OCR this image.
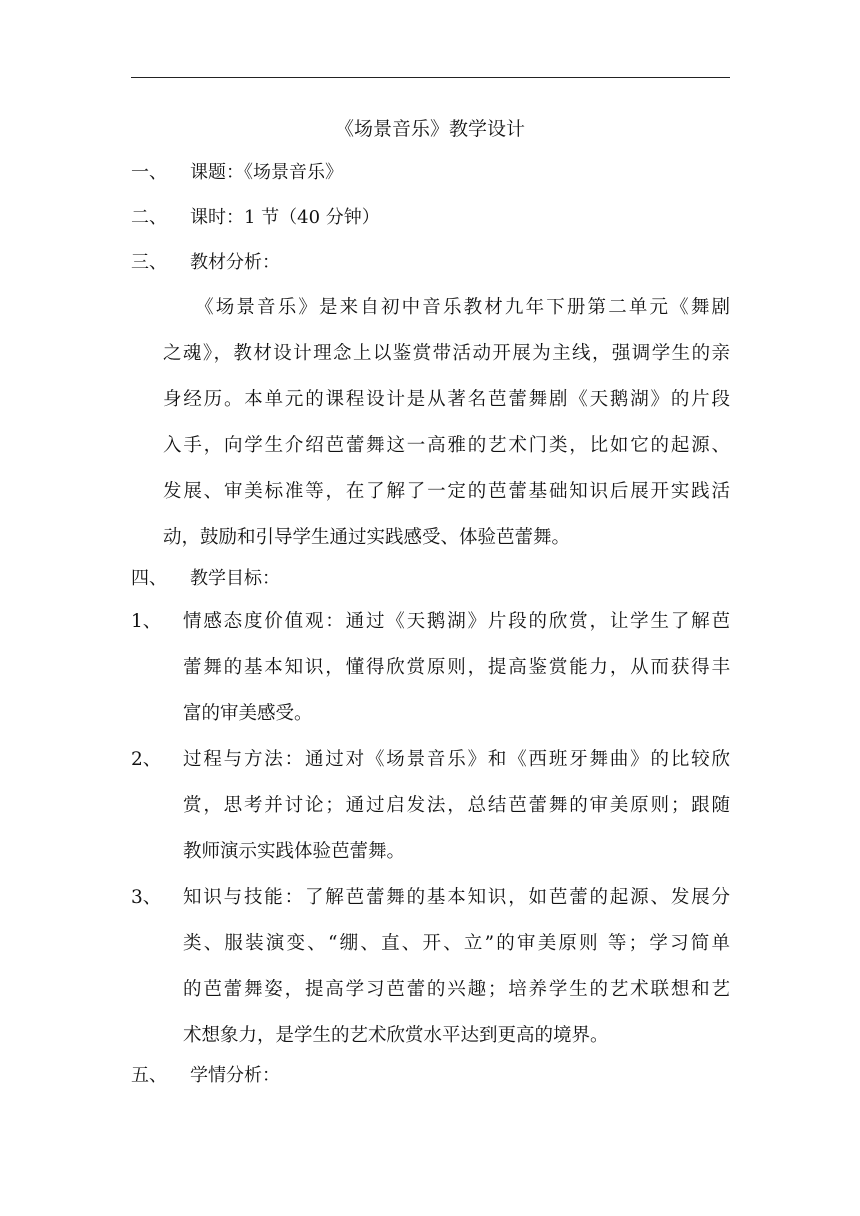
《场景音乐》教学设计
一、 课题：《场景音乐》
二、 课时：1 节（40 分钟）
三、 教材分析：
　　《场景音乐》是来自初中音乐教材九年下册第二单元《舞剧
之魂》，教材设计理念上以鉴赏带活动开展为主线，强调学生的亲
身经历。本单元的课程设计是从著名芭蕾舞剧《天鹅湖》的片段
入手，向学生介绍芭蕾舞这一高雅的艺术门类，比如它的起源、
发展、审美标准等，在了解了一定的芭蕾基础知识后展开实践活
动，鼓励和引导学生通过实践感受、体验芭蕾舞。
四、 教学目标：
1、 情感态度价值观：通过《天鹅湖》片段的欣赏，让学生了解芭
蕾舞的基本知识，懂得欣赏原则，提高鉴赏能力，从而获得丰
富的审美感受。
2、 过程与方法：通过对《场景音乐》和《西班牙舞曲》的比较欣
赏，思考并讨论；通过启发法，总结芭蕾舞的审美原则；跟随
教师演示实践体验芭蕾舞。
3、 知识与技能：了解芭蕾舞的基本知识，如芭蕾的起源、发展分
类、服装演变、“绷、直、开、立”的审美原则 等；学习简单
的芭蕾舞姿，提高学习芭蕾的兴趣；培养学生的艺术联想和艺
术想象力，是学生的艺术欣赏水平达到更高的境界。
五、 学情分析：
